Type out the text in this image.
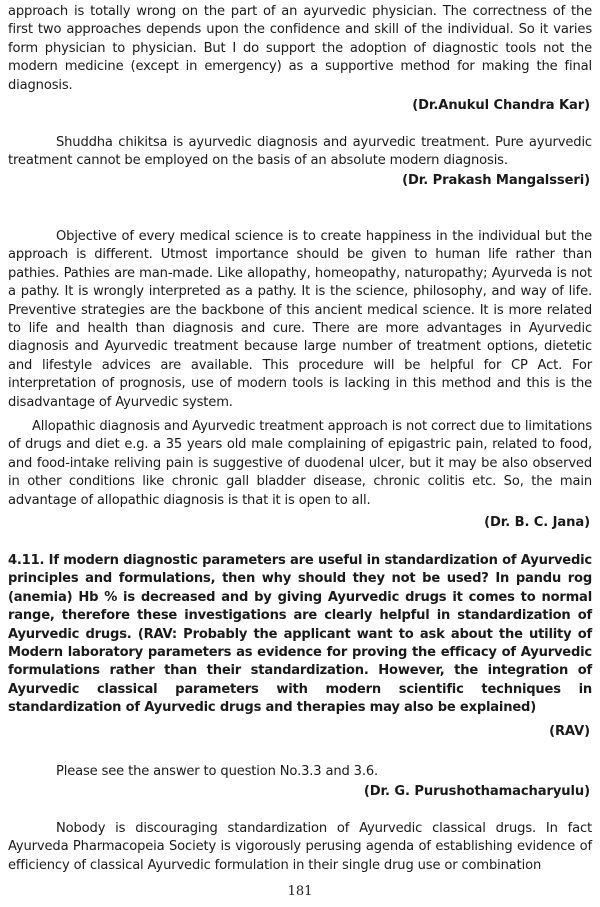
approach is totally wrong on the part of an ayurvedic physician. The correctness of the first two approaches depends upon the confidence and skill of the individual. So it varies form physician to physician. But I do support the adoption of diagnostic tools not the modern medicine (except in emergency) as a supportive method for making the final diagnosis.

(Dr.Anukul Chandra Kar)

Shuddha chikitsa is ayurvedic diagnosis and ayurvedic treatment. Pure ayurvedic treatment cannot be employed on the basis of an absolute modern diagnosis.

(Dr. Prakash Mangalsseri)

Objective of every medical science is to create happiness in the individual but the approach is different. Utmost importance should be given to human life rather than pathies. Pathies are man-made. Like allopathy, homeopathy, naturopathy; Ayurveda is not a pathy. It is wrongly interpreted as a pathy. It is the science, philosophy, and way of life. Preventive strategies are the backbone of this ancient medical science. It is more related to life and health than diagnosis and cure. There are more advantages in Ayurvedic diagnosis and Ayurvedic treatment because large number of treatment options, dietetic and lifestyle advices are available. This procedure will be helpful for CP Act. For interpretation of prognosis, use of modern tools is lacking in this method and this is the disadvantage of Ayurvedic system.

Allopathic diagnosis and Ayurvedic treatment approach is not correct due to limitations of drugs and diet e.g. a 35 years old male complaining of epigastric pain, related to food, and food-intake reliving pain is suggestive of duodenal ulcer, but it may be also observed in other conditions like chronic gall bladder disease, chronic colitis etc. So, the main advantage of allopathic diagnosis is that it is open to all.

(Dr. B. C. Jana)

4.11. If modern diagnostic parameters are useful in standardization of Ayurvedic principles and formulations, then why should they not be used? In pandu rog (anemia) Hb % is decreased and by giving Ayurvedic drugs it comes to normal range, therefore these investigations are clearly helpful in standardization of Ayurvedic drugs. (RAV: Probably the applicant want to ask about the utility of Modern laboratory parameters as evidence for proving the efficacy of Ayurvedic formulations rather than their standardization. However, the integration of Ayurvedic classical parameters with modern scientific techniques in standardization of Ayurvedic drugs and therapies may also be explained)

(RAV)

Please see the answer to question No.3.3 and 3.6.

(Dr. G. Purushothamacharyulu)

Nobody is discouraging standardization of Ayurvedic classical drugs. In fact Ayurveda Pharmacopeia Society is vigorously perusing agenda of establishing evidence of efficiency of classical Ayurvedic formulation in their single drug use or combination

181
